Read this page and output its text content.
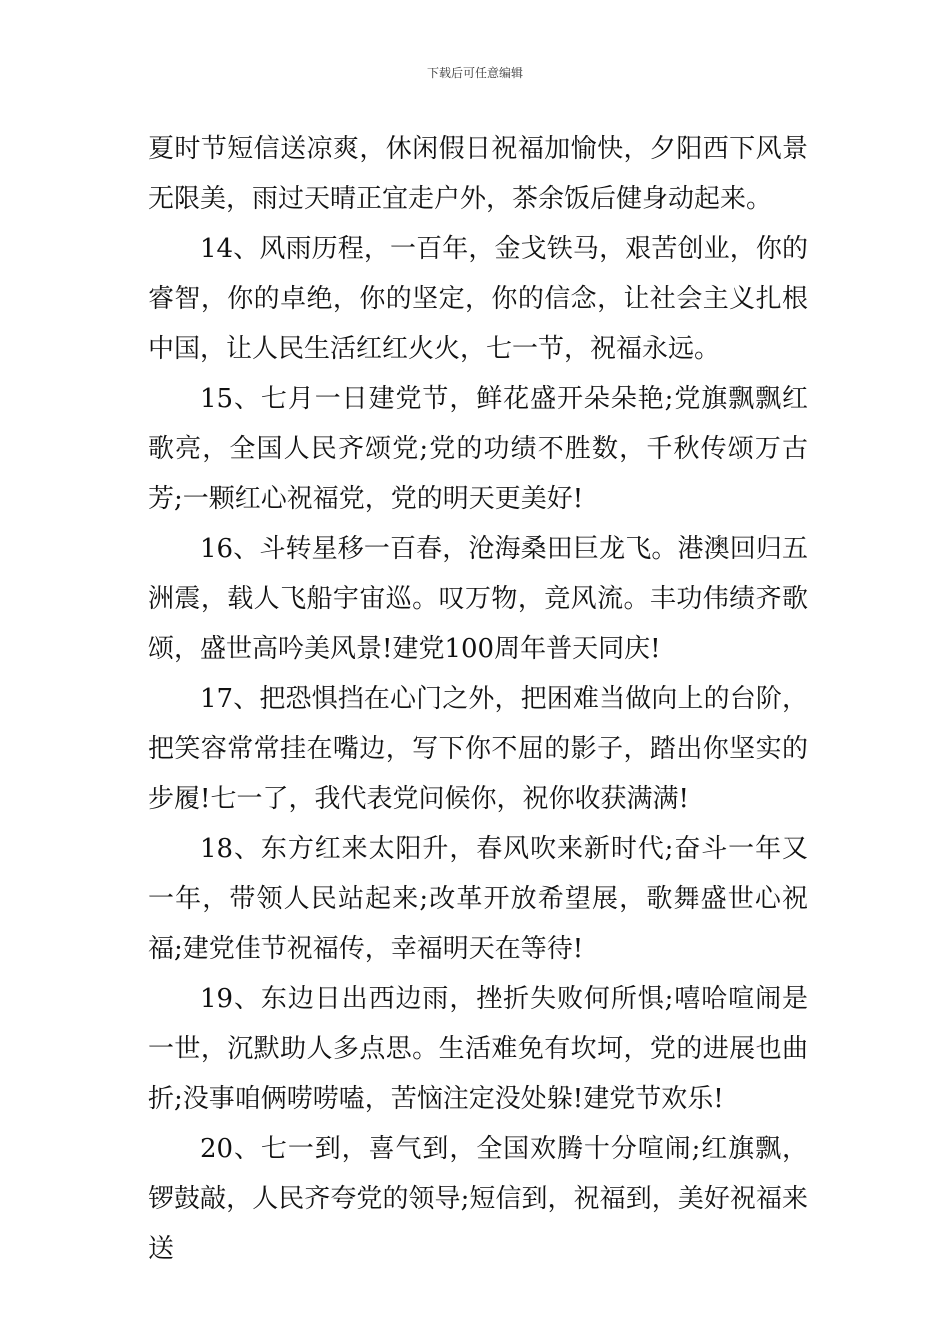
下载后可任意编辑

夏时节短信送凉爽，休闲假日祝福加愉快，夕阳西下风景无限美，雨过天晴正宜走户外，茶余饭后健身动起来。

14、风雨历程，一百年，金戈铁马，艰苦创业，你的睿智，你的卓绝，你的坚定，你的信念，让社会主义扎根中国，让人民生活红红火火，七一节，祝福永远。

15、七月一日建党节，鲜花盛开朵朵艳;党旗飘飘红歌亮，全国人民齐颂党;党的功绩不胜数，千秋传颂万古芳;一颗红心祝福党，党的明天更美好!

16、斗转星移一百春，沧海桑田巨龙飞。港澳回归五洲震，载人飞船宇宙巡。叹万物，竞风流。丰功伟绩齐歌颂，盛世高吟美风景!建党100周年普天同庆!

17、把恐惧挡在心门之外，把困难当做向上的台阶，把笑容常常挂在嘴边，写下你不屈的影子，踏出你坚实的步履!七一了，我代表党问候你，祝你收获满满!

18、东方红来太阳升，春风吹来新时代;奋斗一年又一年，带领人民站起来;改革开放希望展，歌舞盛世心祝福;建党佳节祝福传，幸福明天在等待!

19、东边日出西边雨，挫折失败何所惧;嘻哈喧闹是一世，沉默助人多点思。生活难免有坎坷，党的进展也曲折;没事咱俩唠唠嗑，苦恼注定没处躲!建党节欢乐!

20、七一到，喜气到，全国欢腾十分喧闹;红旗飘，锣鼓敲，人民齐夸党的领导;短信到，祝福到，美好祝福来送
